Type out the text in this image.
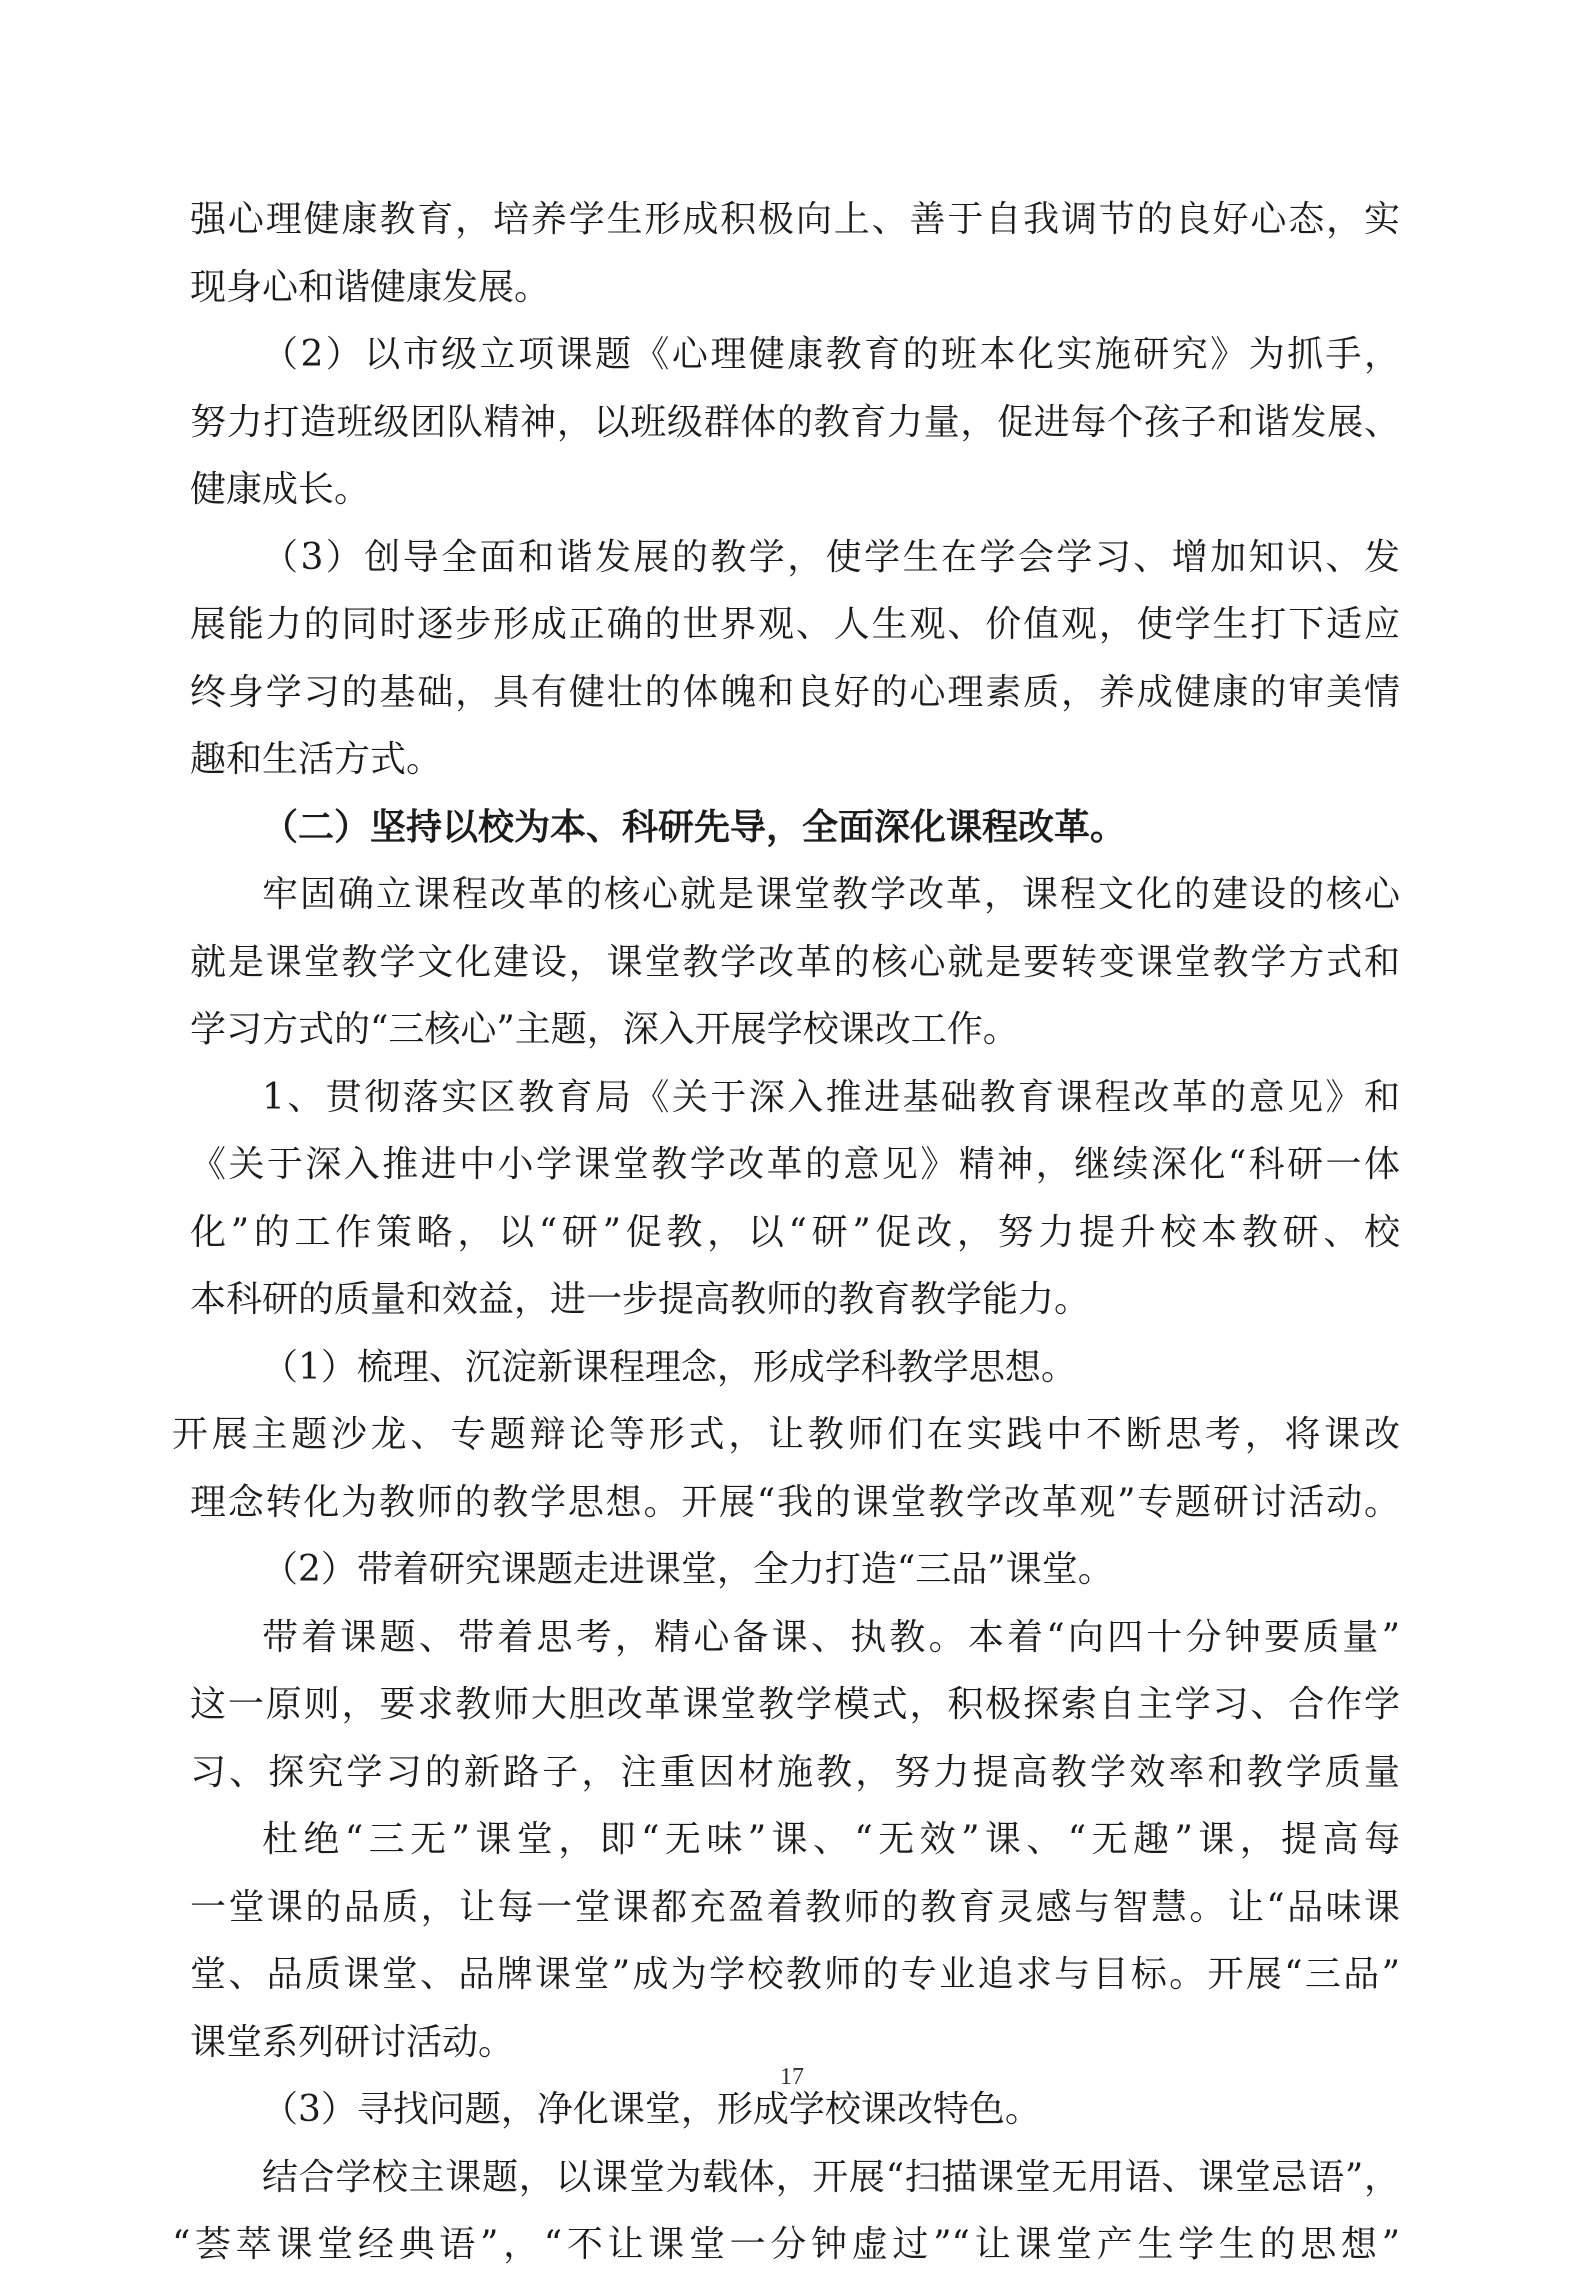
强心理健康教育，培养学生形成积极向上、善于自我调节的良好心态，实
现身心和谐健康发展。
（2）以市级立项课题《心理健康教育的班本化实施研究》为抓手，
努力打造班级团队精神，以班级群体的教育力量，促进每个孩子和谐发展、
健康成长。
（3）创导全面和谐发展的教学，使学生在学会学习、增加知识、发
展能力的同时逐步形成正确的世界观、人生观、价值观，使学生打下适应
终身学习的基础，具有健壮的体魄和良好的心理素质，养成健康的审美情
趣和生活方式。
（二）坚持以校为本、科研先导，全面深化课程改革。
牢固确立课程改革的核心就是课堂教学改革，课程文化的建设的核心
就是课堂教学文化建设，课堂教学改革的核心就是要转变课堂教学方式和
学习方式的“三核心”主题，深入开展学校课改工作。
1、贯彻落实区教育局《关于深入推进基础教育课程改革的意见》和
《关于深入推进中小学课堂教学改革的意见》精神，继续深化“科研一体
化”的工作策略，以“研”促教，以“研”促改，努力提升校本教研、校
本科研的质量和效益，进一步提高教师的教育教学能力。
（1）梳理、沉淀新课程理念，形成学科教学思想。
开展主题沙龙、专题辩论等形式，让教师们在实践中不断思考，将课改
理念转化为教师的教学思想。开展“我的课堂教学改革观”专题研讨活动。
（2）带着研究课题走进课堂，全力打造“三品”课堂。
带着课题、带着思考，精心备课、执教。本着“向四十分钟要质量”
这一原则，要求教师大胆改革课堂教学模式，积极探索自主学习、合作学
习、探究学习的新路子，注重因材施教，努力提高教学效率和教学质量
杜绝“三无”课堂，即“无味”课、“无效”课、“无趣”课，提高每
一堂课的品质，让每一堂课都充盈着教师的教育灵感与智慧。让“品味课
堂、品质课堂、品牌课堂”成为学校教师的专业追求与目标。开展“三品”
课堂系列研讨活动。
（3）寻找问题，净化课堂，形成学校课改特色。
结合学校主课题，以课堂为载体，开展“扫描课堂无用语、课堂忌语”，
“荟萃课堂经典语”，“不让课堂一分钟虚过”“让课堂产生学生的思想”
17
